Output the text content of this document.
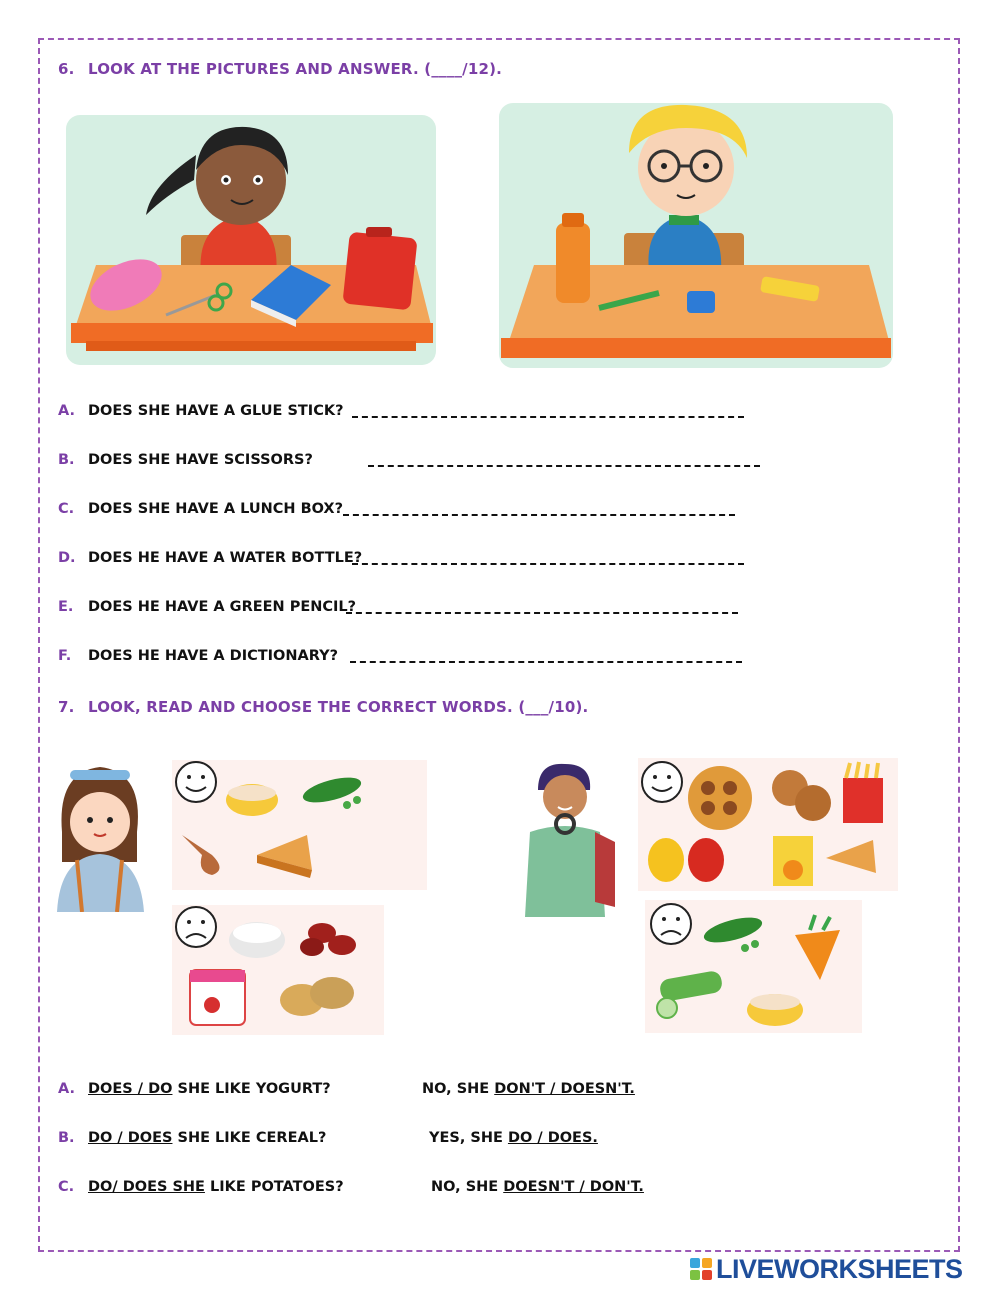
6. LOOK AT THE PICTURES AND ANSWER. (____/12).
A. DOES SHE HAVE A GLUE STICK?
B. DOES SHE HAVE SCISSORS?
C. DOES SHE HAVE A LUNCH BOX?
D. DOES HE HAVE A WATER BOTTLE?
E. DOES HE HAVE A GREEN PENCIL?
F. DOES HE HAVE A DICTIONARY?
7. LOOK, READ AND CHOOSE THE CORRECT WORDS. (___/10).
A. DOES / DO SHE LIKE YOGURT?	NO, SHE DON'T / DOESN'T.
B. DO / DOES SHE LIKE CEREAL?	YES, SHE DO / DOES.
C. DO/ DOES SHE LIKE POTATOES?	NO, SHE DOESN'T / DON'T.
LIVEWORKSHEETS
